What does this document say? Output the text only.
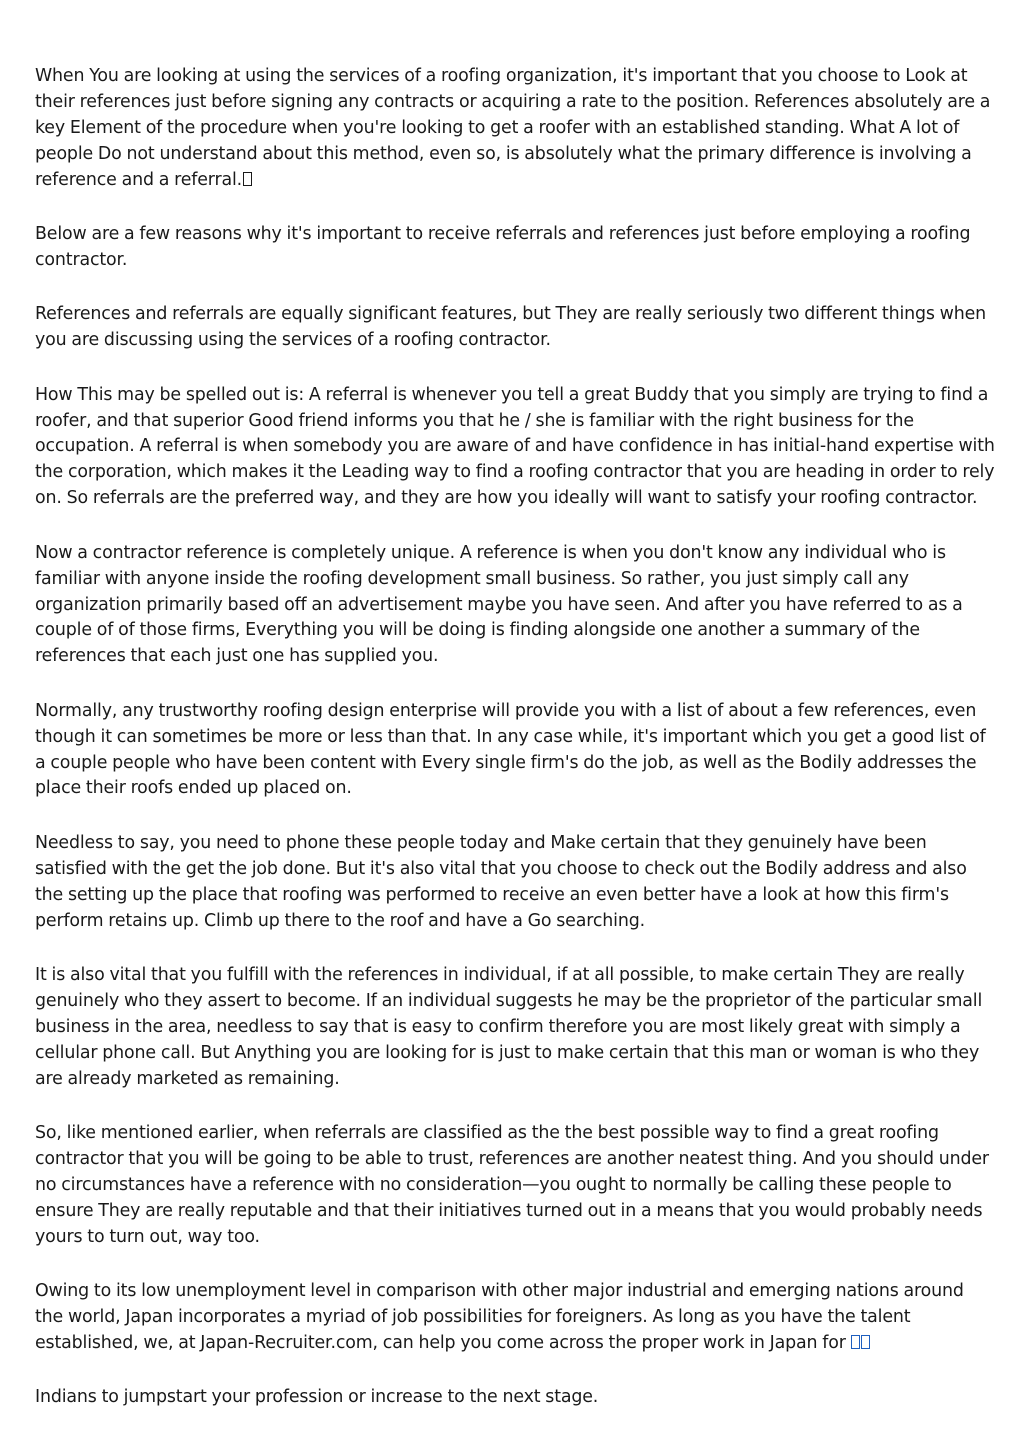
When You are looking at using the services of a roofing organization, it's important that you choose to Look at their references just before signing any contracts or acquiring a rate to the position. References absolutely are a key Element of the procedure when you're looking to get a roofer with an established standing. What A lot of people Do not understand about this method, even so, is absolutely what the primary difference is involving a reference and a referral.

Below are a few reasons why it's important to receive referrals and references just before employing a roofing contractor.

References and referrals are equally significant features, but They are really seriously two different things when you are discussing using the services of a roofing contractor.

How This may be spelled out is: A referral is whenever you tell a great Buddy that you simply are trying to find a roofer, and that superior Good friend informs you that he / she is familiar with the right business for the occupation. A referral is when somebody you are aware of and have confidence in has initial-hand expertise with the corporation, which makes it the Leading way to find a roofing contractor that you are heading in order to rely on. So referrals are the preferred way, and they are how you ideally will want to satisfy your roofing contractor.

Now a contractor reference is completely unique. A reference is when you don't know any individual who is familiar with anyone inside the roofing development small business. So rather, you just simply call any organization primarily based off an advertisement maybe you have seen. And after you have referred to as a couple of of those firms, Everything you will be doing is finding alongside one another a summary of the references that each just one has supplied you.

Normally, any trustworthy roofing design enterprise will provide you with a list of about a few references, even though it can sometimes be more or less than that. In any case while, it's important which you get a good list of a couple people who have been content with Every single firm's do the job, as well as the Bodily addresses the place their roofs ended up placed on.

Needless to say, you need to phone these people today and Make certain that they genuinely have been satisfied with the get the job done. But it's also vital that you choose to check out the Bodily address and also the setting up the place that roofing was performed to receive an even better have a look at how this firm's perform retains up. Climb up there to the roof and have a Go searching.

It is also vital that you fulfill with the references in individual, if at all possible, to make certain They are really genuinely who they assert to become. If an individual suggests he may be the proprietor of the particular small business in the area, needless to say that is easy to confirm therefore you are most likely great with simply a cellular phone call. But Anything you are looking for is just to make certain that this man or woman is who they are already marketed as remaining.

So, like mentioned earlier, when referrals are classified as the the best possible way to find a great roofing contractor that you will be going to be able to trust, references are another neatest thing. And you should under no circumstances have a reference with no consideration—you ought to normally be calling these people to ensure They are really reputable and that their initiatives turned out in a means that you would probably needs yours to turn out, way too.

Owing to its low unemployment level in comparison with other major industrial and emerging nations around the world, Japan incorporates a myriad of job possibilities for foreigners. As long as you have the talent established, we, at Japan-Recruiter.com, can help you come across the proper work in Japan for

Indians to jumpstart your profession or increase to the next stage.
